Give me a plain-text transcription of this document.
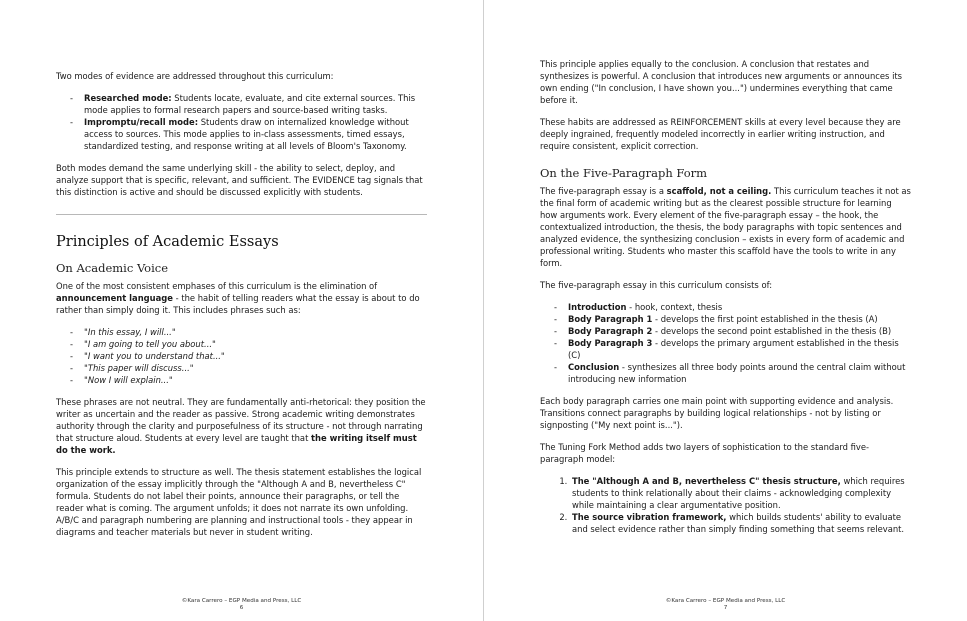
Two modes of evidence are addressed throughout this curriculum:

- Researched mode: Students locate, evaluate, and cite external sources. This mode applies to formal research papers and source-based writing tasks.
- Impromptu/recall mode: Students draw on internalized knowledge without access to sources. This mode applies to in-class assessments, timed essays, standardized testing, and response writing at all levels of Bloom's Taxonomy.

Both modes demand the same underlying skill - the ability to select, deploy, and analyze support that is specific, relevant, and sufficient. The EVIDENCE tag signals that this distinction is active and should be discussed explicitly with students.

Principles of Academic Essays
On Academic Voice

One of the most consistent emphases of this curriculum is the elimination of announcement language - the habit of telling readers what the essay is about to do rather than simply doing it. This includes phrases such as:

- "In this essay, I will..."
- "I am going to tell you about..."
- "I want you to understand that..."
- "This paper will discuss..."
- "Now I will explain..."

These phrases are not neutral. They are fundamentally anti-rhetorical: they position the writer as uncertain and the reader as passive. Strong academic writing demonstrates authority through the clarity and purposefulness of its structure - not through narrating that structure aloud. Students at every level are taught that the writing itself must do the work.

This principle extends to structure as well. The thesis statement establishes the logical organization of the essay implicitly through the "Although A and B, nevertheless C" formula. Students do not label their points, announce their paragraphs, or tell the reader what is coming. The argument unfolds; it does not narrate its own unfolding. A/B/C and paragraph numbering are planning and instructional tools - they appear in diagrams and teacher materials but never in student writing.

©Kara Carrero – EGP Media and Press, LLC
6

This principle applies equally to the conclusion. A conclusion that restates and synthesizes is powerful. A conclusion that introduces new arguments or announces its own ending ("In conclusion, I have shown you...") undermines everything that came before it.

These habits are addressed as REINFORCEMENT skills at every level because they are deeply ingrained, frequently modeled incorrectly in earlier writing instruction, and require consistent, explicit correction.

On the Five-Paragraph Form

The five-paragraph essay is a scaffold, not a ceiling. This curriculum teaches it not as the final form of academic writing but as the clearest possible structure for learning how arguments work. Every element of the five-paragraph essay – the hook, the contextualized introduction, the thesis, the body paragraphs with topic sentences and analyzed evidence, the synthesizing conclusion – exists in every form of academic and professional writing. Students who master this scaffold have the tools to write in any form.

The five-paragraph essay in this curriculum consists of:

- Introduction - hook, context, thesis
- Body Paragraph 1 - develops the first point established in the thesis (A)
- Body Paragraph 2 - develops the second point established in the thesis (B)
- Body Paragraph 3 - develops the primary argument established in the thesis (C)
- Conclusion - synthesizes all three body points around the central claim without introducing new information

Each body paragraph carries one main point with supporting evidence and analysis. Transitions connect paragraphs by building logical relationships - not by listing or signposting ("My next point is...").

The Tuning Fork Method adds two layers of sophistication to the standard five-paragraph model:

1. The "Although A and B, nevertheless C" thesis structure, which requires students to think relationally about their claims - acknowledging complexity while maintaining a clear argumentative position.
2. The source vibration framework, which builds students' ability to evaluate and select evidence rather than simply finding something that seems relevant.
©Kara Carrero – EGP Media and Press, LLC
7
